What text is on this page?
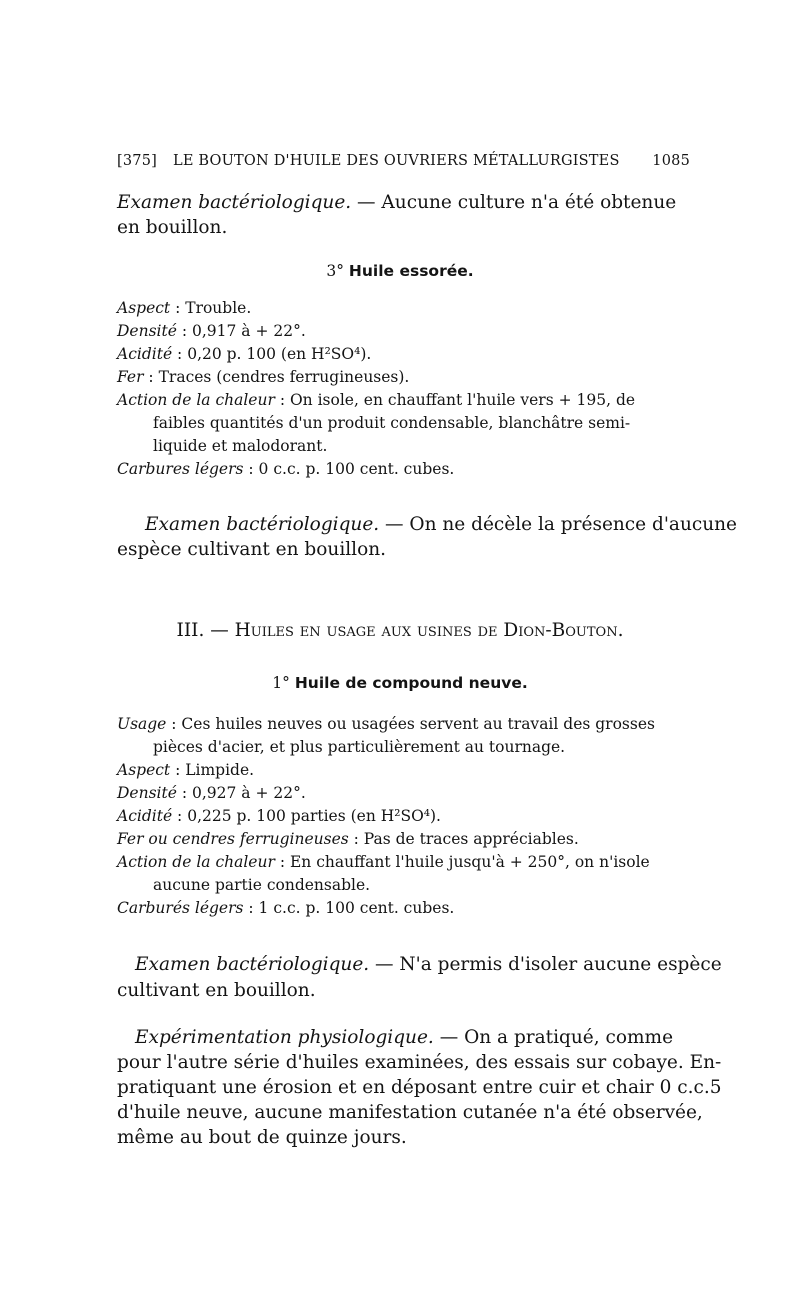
[375] LE BOUTON D'HUILE DES OUVRIERS MÉTALLURGISTES 1085
Examen bactériologique. — Aucune culture n'a été obtenue
en bouillon.
3° Huile essorée.
Aspect : Trouble.
Densité : 0,917 à + 22°.
Acidité : 0,20 p. 100 (en H²SO⁴).
Fer : Traces (cendres ferrugineuses).
Action de la chaleur : On isole, en chauffant l'huile vers + 195, de
faibles quantités d'un produit condensable, blanchâtre semi-
liquide et malodorant.
Carbures légers : 0 c.c. p. 100 cent. cubes.
Examen bactériologique. — On ne décèle la présence d'aucune
espèce cultivant en bouillon.
III. — Huiles en usage aux usines de Dion-Bouton.
1° Huile de compound neuve.
Usage : Ces huiles neuves ou usagées servent au travail des grosses
pièces d'acier, et plus particulièrement au tournage.
Aspect : Limpide.
Densité : 0,927 à + 22°.
Acidité : 0,225 p. 100 parties (en H²SO⁴).
Fer ou cendres ferrugineuses : Pas de traces appréciables.
Action de la chaleur : En chauffant l'huile jusqu'à + 250°, on n'isole
aucune partie condensable.
Carburés légers : 1 c.c. p. 100 cent. cubes.
Examen bactériologique. — N'a permis d'isoler aucune espèce
cultivant en bouillon.
Expérimentation physiologique. — On a pratiqué, comme
pour l'autre série d'huiles examinées, des essais sur cobaye. En-
pratiquant une érosion et en déposant entre cuir et chair 0 c.c.5
d'huile neuve, aucune manifestation cutanée n'a été observée,
même au bout de quinze jours.
